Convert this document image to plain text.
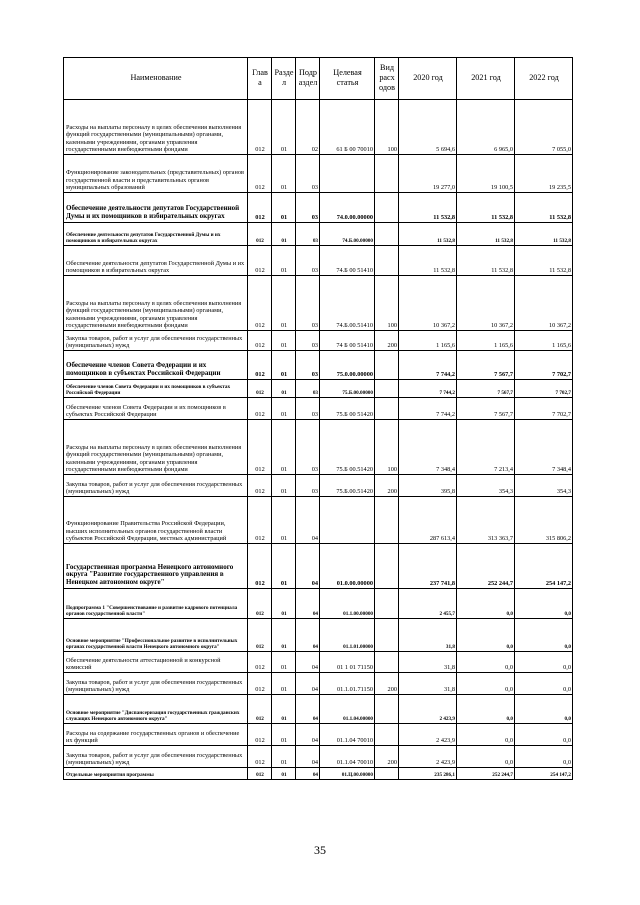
Наименование	Глав а	Разде л	Подр аздел	Целевая статья	Вид расх одов	2020 год	2021 год	2022 год
Расходы на выплаты персоналу в целях обеспечения выполнения функций государственными (муниципальными) органами, казенными учреждениями, органами управления государственными внебюджетными фондами	012	01	02	61 Б 00 70010	100	5 694,6	6 965,0	7 055,0
Функционирование законодательных (представительных) органов государственной власти и представительных органов муниципальных образований	012	01	03			19 277,0	19 100,5	19 235,5
Обеспечение деятельности депутатов Государственной Думы и их помощников в избирательных округах	012	01	03	74.0.00.00000		11 532,8	11 532,8	11 532,8
Обеспечение деятельности депутатов Государственной Думы и их помощников в избирательных округах	012	01	03	74.Б.00.00000		11 532,8	11 532,8	11 532,8
Обеспечение деятельности депутатов Государственной Думы и их помощников в избирательных округах	012	01	03	74.Б 00 51410		11 532,8	11 532,8	11 532,8
Расходы на выплаты персоналу в целях обеспечения выполнения функций государственными (муниципальными) органами, казенными учреждениями, органами управления государственными внебюджетными фондами	012	01	03	74.Б.00.51410	100	10 367,2	10 367,2	10 367,2
Закупка товаров, работ и услуг для обеспечения государственных (муниципальных) нужд	012	01	03	74 Б 00 51410	200	1 165,6	1 165,6	1 165,6
Обеспечение членов Совета Федерации и их помощников в субъектах Российской Федерации	012	01	03	75.0.00.00000		7 744,2	7 567,7	7 702,7
Обеспечение членов Совета Федерации и их помощников в субъектах Российской Федерации	012	01	03	75.Б.00.00000		7 744,2	7 567,7	7 702,7
Обеспечение членов Совета Федерации и их помощников в субъектах Российской Федерации	012	01	03	75.Б 00 51420		7 744,2	7 567,7	7 702,7
Расходы на выплаты персоналу в целях обеспечения выполнения функций государственными (муниципальными) органами, казенными учреждениями, органами управления государственными внебюджетными фондами	012	01	03	75.Б 00.51420	100	7 348,4	7 213,4	7 348,4
Закупка товаров, работ и услуг для обеспечения государственных (муниципальных) нужд	012	01	03	75.Б.00.51420	200	395,8	354,3	354,3
Функционирование Правительства Российской Федерации, высших исполнительных органов государственной власти субъектов Российской Федерации, местных администраций	012	01	04			287 613,4	313 363,7	315 806,2
Государственная программа Ненецкого автономного округа "Развитие государственного управления в Ненецком автономном округе"	012	01	04	01.0.00.00000		237 741,8	252 244,7	254 147,2
Подпрограмма 1 "Совершенствование и развитие кадрового потенциала органов государственной власти"	012	01	04	01.1.00.00000		2 455,7	0,0	0,0
Основное мероприятие "Профессиональное развитие в исполнительных органах государственной власти Ненецкого автономного округа"	012	01	04	01.1.01.00000		31,8	0,0	0,0
Обеспечение деятельности аттестационной и конкурсной комиссий	012	01	04	01 1 01 71150		31,8	0,0	0,0
Закупка товаров, работ и услуг для обеспечения государственных (муниципальных) нужд	012	01	04	01.1.01.71150	200	31,8	0,0	0,0
Основное мероприятие "Диспансеризация государственных гражданских служащих Ненецкого автономного округа"	012	01	04	01.1.04.00000		2 423,9	0,0	0,0
Расходы на содержание государственных органов и обеспечение их функций	012	01	04	01.1.04 70010		2 423,9	0,0	0,0
Закупка товаров, работ и услуг для обеспечения государственных (муниципальных) нужд	012	01	04	01.1.04 70010	200	2 423,9	0,0	0,0
Отдельные мероприятия программы	012	01	04	01.Ц.00.00000		235 286,1	252 244,7	254 147,2
35
